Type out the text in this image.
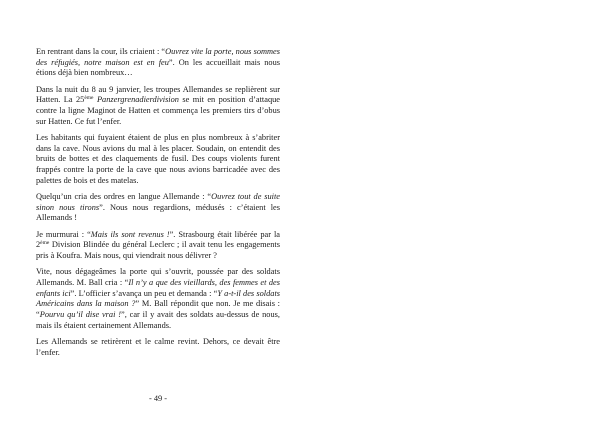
En rentrant dans la cour, ils criaient : “Ouvrez vite la porte, nous sommes des réfugiés, notre maison est en feu”. On les accueillait mais nous étions déjà bien nombreux…

Dans la nuit du 8 au 9 janvier, les troupes Allemandes se replièrent sur Hatten. La 25ème Panzergrenadierdivision se mit en position d’attaque contre la ligne Maginot de Hatten et commença les premiers tirs d’obus sur Hatten. Ce fut l’enfer.

Les habitants qui fuyaient étaient de plus en plus nombreux à s’abriter dans la cave. Nous avions du mal à les placer. Soudain, on entendit des bruits de bottes et des claquements de fusil. Des coups violents furent frappés contre la porte de la cave que nous avions barricadée avec des palettes de bois et des matelas.

Quelqu’un cria des ordres en langue Allemande : “Ouvrez tout de suite sinon nous tirons”. Nous nous regardions, médusés : c’étaient les Allemands !

Je murmurai : “Mais ils sont revenus !”. Strasbourg était libérée par la 2ème Division Blindée du général Leclerc ; il avait tenu les engagements pris à Koufra. Mais nous, qui viendrait nous délivrer ?

Vite, nous dégageâmes la porte qui s’ouvrit, poussée par des soldats Allemands. M. Ball cria : “Il n’y a que des vieillards, des femmes et des enfants ici”. L’officier s’avança un peu et demanda : “Y a-t-il des soldats Américains dans la maison ?” M. Ball répondit que non. Je me disais : “Pourvu qu’il dise vrai !”, car il y avait des soldats au-dessus de nous, mais ils étaient certainement Allemands.

Les Allemands se retirèrent et le calme revint. Dehors, ce devait être l’enfer.

- 49 -
